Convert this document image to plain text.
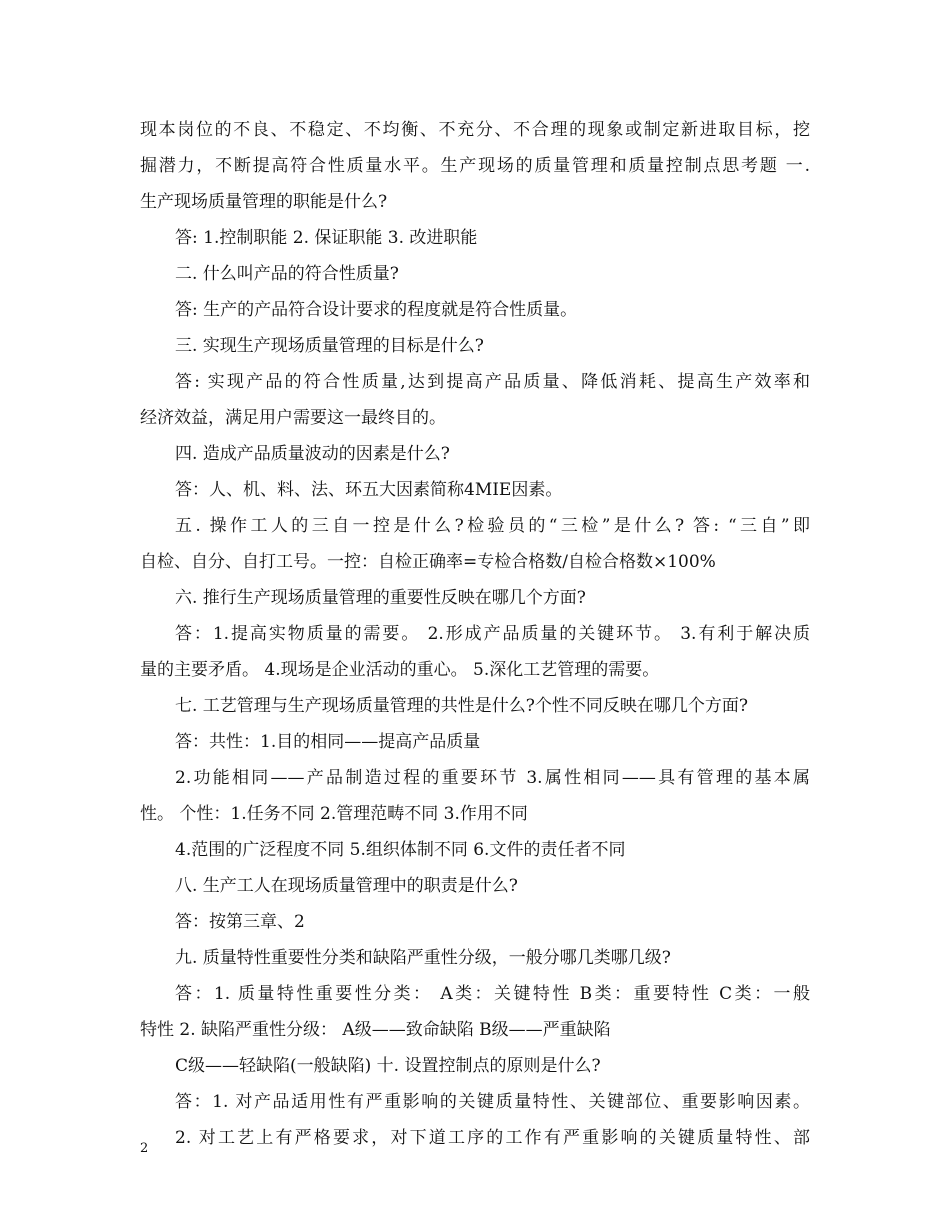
现本岗位的不良、不稳定、不均衡、不充分、不合理的现象或制定新进取目标，挖
掘潜力，不断提高符合性质量水平。生产现场的质量管理和质量控制点思考题 一.
生产现场质量管理的职能是什么?
答: 1.控制职能 2. 保证职能 3. 改进职能
二. 什么叫产品的符合性质量?
答: 生产的产品符合设计要求的程度就是符合性质量。
三. 实现生产现场质量管理的目标是什么?
答: 实现产品的符合性质量,达到提高产品质量、降低消耗、提高生产效率和
经济效益，满足用户需要这一最终目的。
四. 造成产品质量波动的因素是什么?
答：人、机、料、法、环五大因素简称4MIE因素。
五. 操作工人的三自一控是什么?检验员的“三检”是什么? 答: “三自”即
自检、自分、自打工号。一控：自检正确率=专检合格数/自检合格数×100%
六. 推行生产现场质量管理的重要性反映在哪几个方面?
答：1.提高实物质量的需要。 2.形成产品质量的关键环节。 3.有利于解决质
量的主要矛盾。 4.现场是企业活动的重心。 5.深化工艺管理的需要。
七. 工艺管理与生产现场质量管理的共性是什么?个性不同反映在哪几个方面?
答：共性：1.目的相同——提高产品质量
2.功能相同——产品制造过程的重要环节 3.属性相同——具有管理的基本属
性。 个性：1.任务不同 2.管理范畴不同 3.作用不同
4.范围的广泛程度不同 5.组织体制不同 6.文件的责任者不同
八. 生产工人在现场质量管理中的职责是什么?
答：按第三章、2
九. 质量特性重要性分类和缺陷严重性分级，一般分哪几类哪几级?
答：1. 质量特性重要性分类： A类：关键特性 B类：重要特性 C类：一般
特性 2. 缺陷严重性分级： A级——致命缺陷 B级——严重缺陷
C级——轻缺陷(一般缺陷) 十. 设置控制点的原则是什么?
答：1. 对产品适用性有严重影响的关键质量特性、关键部位、重要影响因素。
2. 对工艺上有严格要求，对下道工序的工作有严重影响的关键质量特性、部
2
